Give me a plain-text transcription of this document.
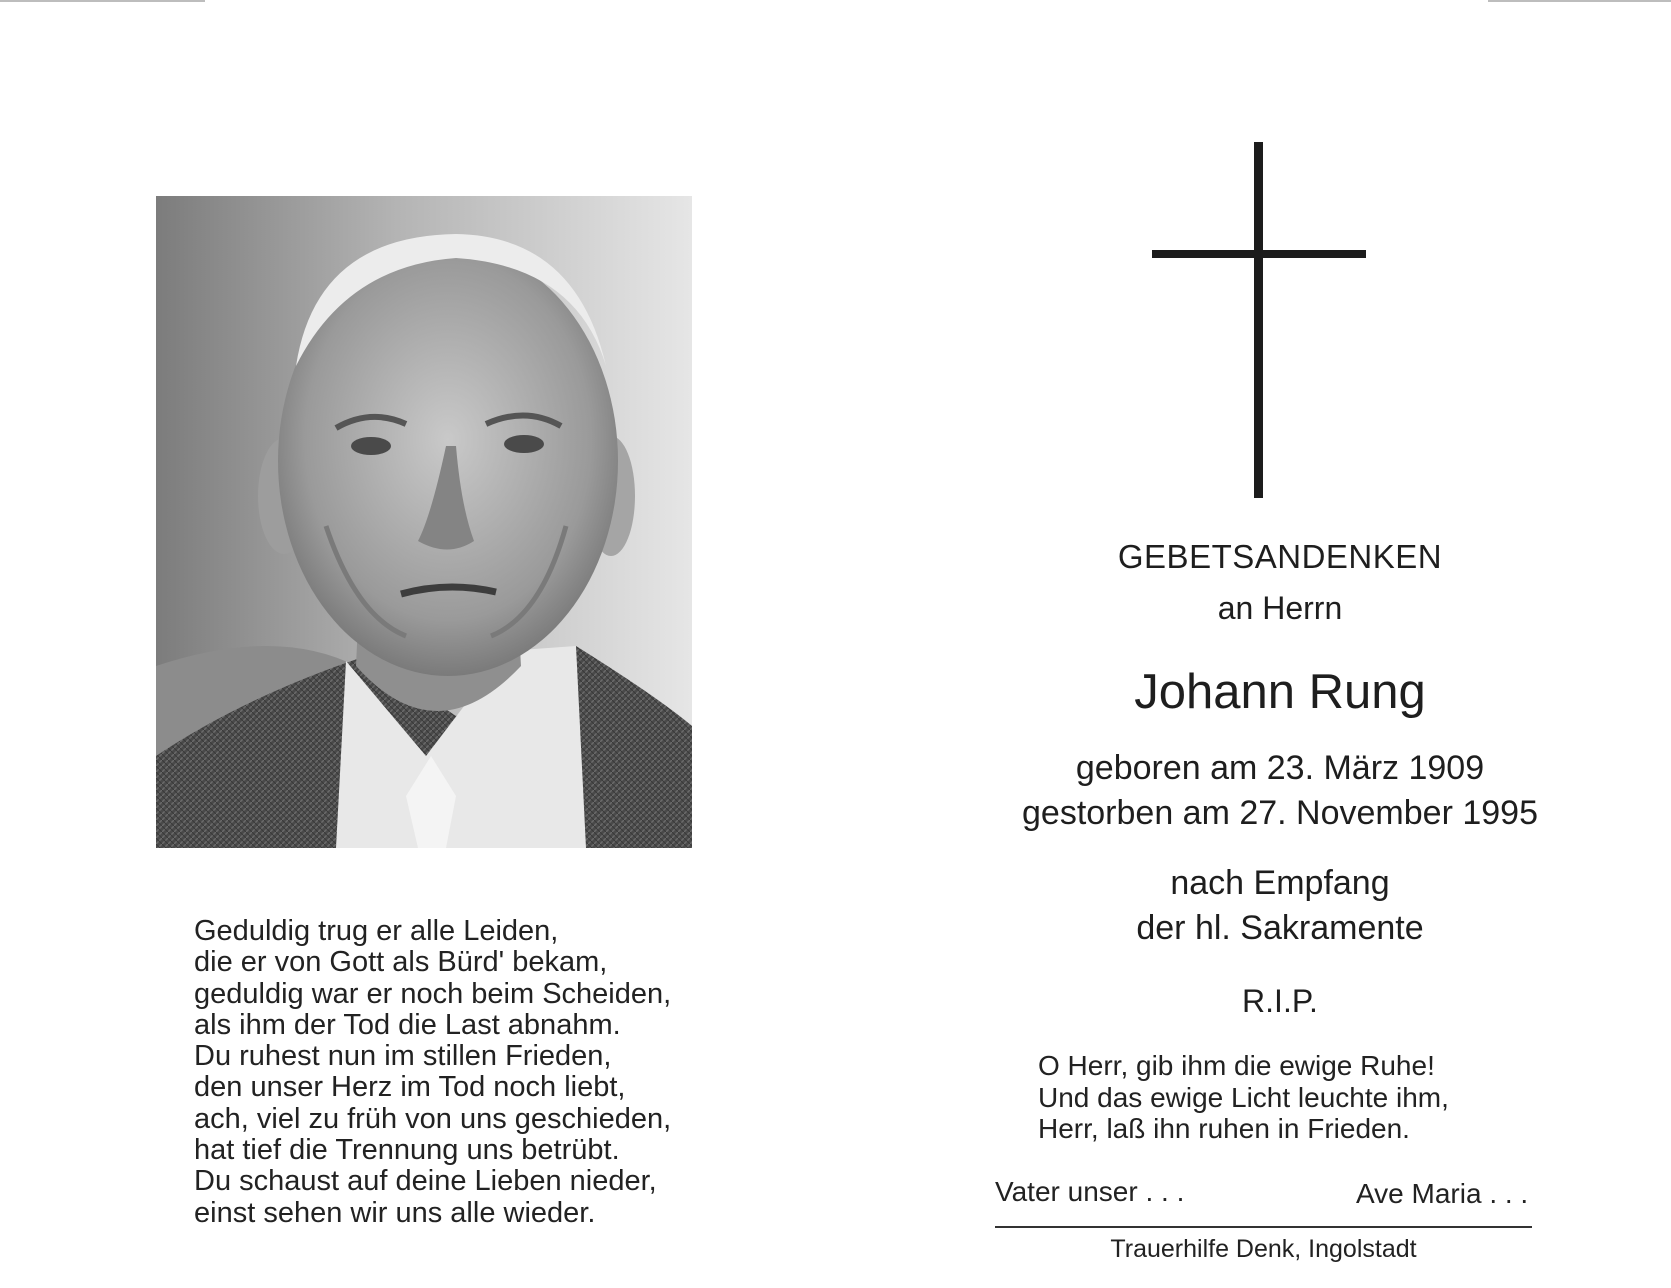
Geduldig trug er alle Leiden,
die er von Gott als Bürd' bekam,
geduldig war er noch beim Scheiden,
als ihm der Tod die Last abnahm.
Du ruhest nun im stillen Frieden,
den unser Herz im Tod noch liebt,
ach, viel zu früh von uns geschieden,
hat tief die Trennung uns betrübt.
Du schaust auf deine Lieben nieder,
einst sehen wir uns alle wieder.
GEBETSANDENKEN
an Herrn
Johann Rung
geboren am 23. März 1909
gestorben am 27. November 1995
nach Empfang
der hl. Sakramente
R.I.P.
O Herr, gib ihm die ewige Ruhe!
Und das ewige Licht leuchte ihm,
Herr, laß ihn ruhen in Frieden.
Vater unser . . .	Ave Maria . . .
Trauerhilfe Denk, Ingolstadt
